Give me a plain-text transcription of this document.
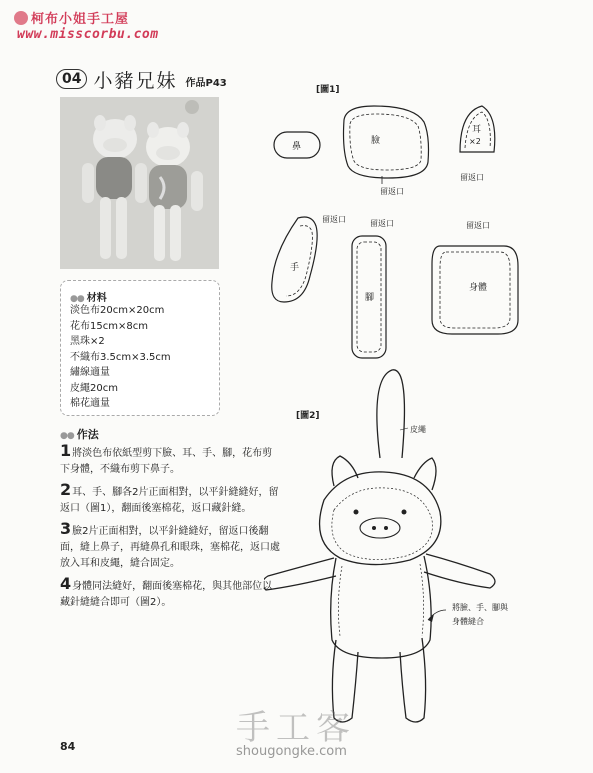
柯布小姐手工屋
www.misscorbu.com
04 小豬兄妹 作品P43
●● 材料
淡色布20cm×20cm
花布15cm×8cm
黑珠×2
不織布3.5cm×3.5cm
繡線適量
皮繩20cm
棉花適量
●● 作法
1將淡色布依紙型剪下臉、耳、手、腳，花布剪下身體，不織布剪下鼻子。
2耳、手、腳各2片正面相對，以平針縫縫好，留返口（圖1），翻面後塞棉花，返口藏針縫。
3臉2片正面相對，以平針縫縫好，留返口後翻面，縫上鼻子，再縫鼻孔和眼珠，塞棉花，返口處放入耳和皮繩，縫合固定。
4身體同法縫好，翻面後塞棉花，與其他部位以藏針縫縫合即可（圖2）。
[圖1]
鼻
臉
留返口
耳
×2
留返口
手
留返口
腳
留返口
身體
留返口
[圖2]
皮繩
將臉、手、腳與
身體縫合
84	手工客
shougongke.com
